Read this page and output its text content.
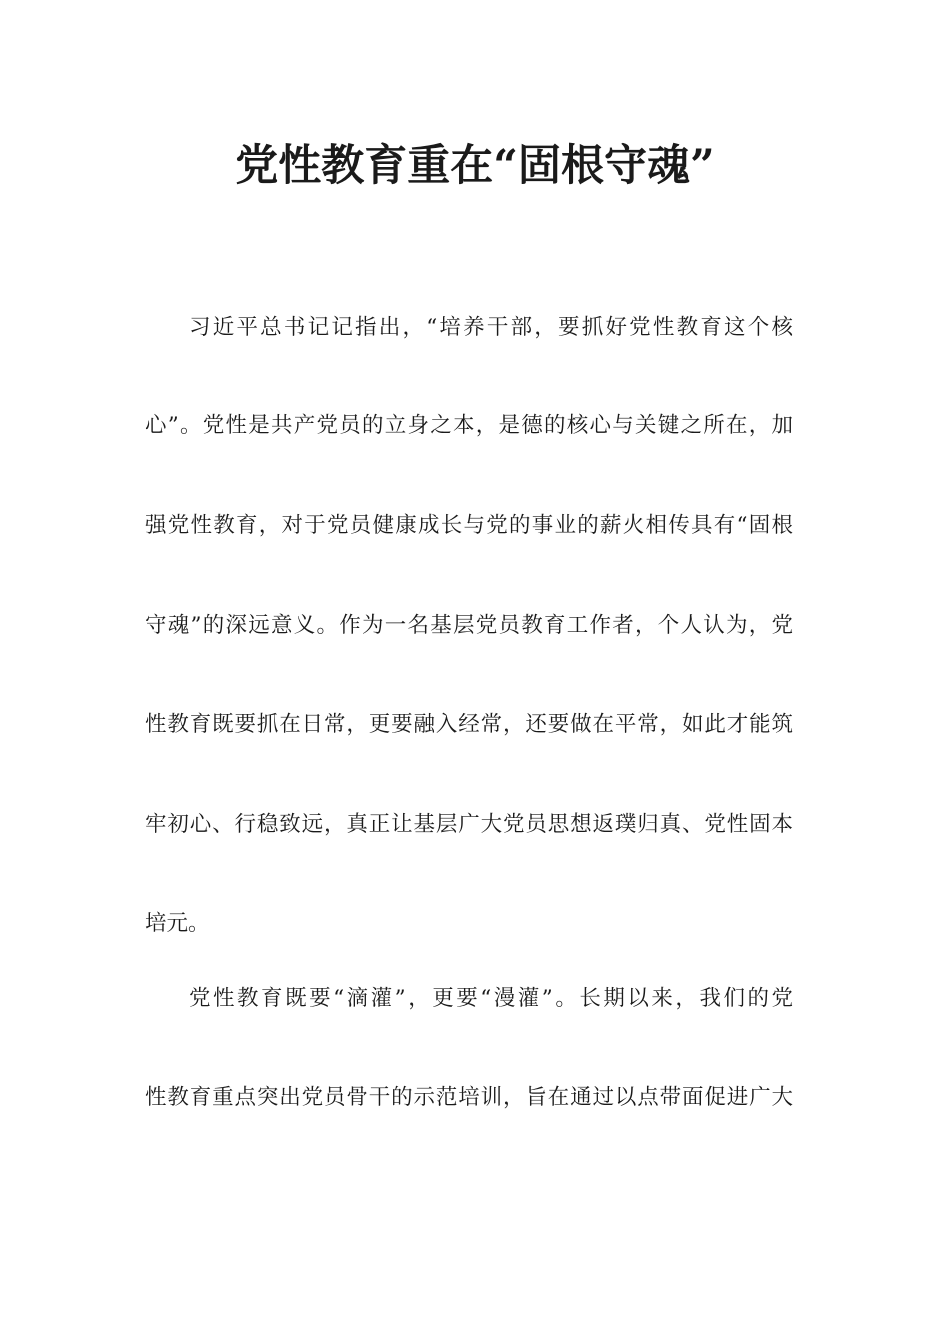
党性教育重在“固根守魂”
习近平总书记记指出，“培养干部，要抓好党性教育这个核
心”。党性是共产党员的立身之本，是德的核心与关键之所在，加
强党性教育，对于党员健康成长与党的事业的薪火相传具有“固根
守魂”的深远意义。作为一名基层党员教育工作者，个人认为，党
性教育既要抓在日常，更要融入经常，还要做在平常，如此才能筑
牢初心、行稳致远，真正让基层广大党员思想返璞归真、党性固本
培元。
党性教育既要“滴灌”，更要“漫灌”。长期以来，我们的党
性教育重点突出党员骨干的示范培训，旨在通过以点带面促进广大
